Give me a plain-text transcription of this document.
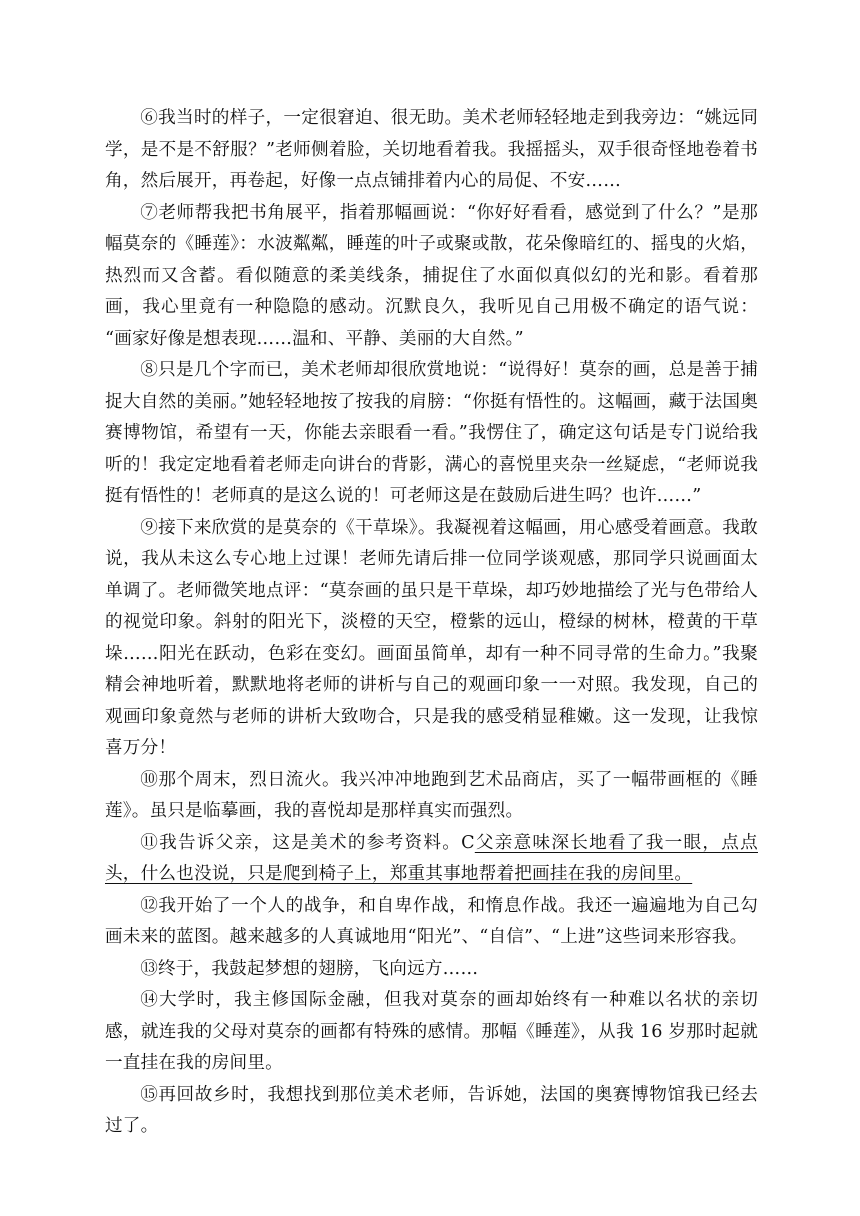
⑥我当时的样子，一定很窘迫、很无助。美术老师轻轻地走到我旁边：“姚远同学，是不是不舒服？”老师侧着脸，关切地看着我。我摇摇头，双手很奇怪地卷着书角，然后展开，再卷起，好像一点点铺排着内心的局促、不安……

⑦老师帮我把书角展平，指着那幅画说：“你好好看看，感觉到了什么？”是那幅莫奈的《睡莲》：水波粼粼，睡莲的叶子或聚或散，花朵像暗红的、摇曳的火焰，热烈而又含蓄。看似随意的柔美线条，捕捉住了水面似真似幻的光和影。看着那画，我心里竟有一种隐隐的感动。沉默良久，我听见自己用极不确定的语气说： “画家好像是想表现……温和、平静、美丽的大自然。”

⑧只是几个字而已，美术老师却很欣赏地说：“说得好！莫奈的画，总是善于捕捉大自然的美丽。”她轻轻地按了按我的肩膀：“你挺有悟性的。这幅画，藏于法国奥赛博物馆，希望有一天，你能去亲眼看一看。”我愣住了，确定这句话是专门说给我听的！我定定地看着老师走向讲台的背影，满心的喜悦里夹杂一丝疑虑，“老师说我挺有悟性的！老师真的是这么说的！可老师这是在鼓励后进生吗？也许……”

⑨接下来欣赏的是莫奈的《干草垛》。我凝视着这幅画，用心感受着画意。我敢说，我从未这么专心地上过课！老师先请后排一位同学谈观感，那同学只说画面太单调了。老师微笑地点评：“莫奈画的虽只是干草垛，却巧妙地描绘了光与色带给人的视觉印象。斜射的阳光下，淡橙的天空，橙紫的远山，橙绿的树林，橙黄的干草垛……阳光在跃动，色彩在变幻。画面虽简单，却有一种不同寻常的生命力。”我聚精会神地听着，默默地将老师的讲析与自己的观画印象一一对照。我发现，自己的观画印象竟然与老师的讲析大致吻合，只是我的感受稍显稚嫩。这一发现，让我惊喜万分！

⑩那个周末，烈日流火。我兴冲冲地跑到艺术品商店，买了一幅带画框的《睡莲》。虽只是临摹画，我的喜悦却是那样真实而强烈。

⑪我告诉父亲，这是美术的参考资料。C父亲意味深长地看了我一眼，点点头，什么也没说，只是爬到椅子上，郑重其事地帮着把画挂在我的房间里。

⑫我开始了一个人的战争，和自卑作战，和惰息作战。我还一遍遍地为自己勾画未来的蓝图。越来越多的人真诚地用“阳光”、“自信”、“上进”这些词来形容我。

⑬终于，我鼓起梦想的翅膀，飞向远方……

⑭大学时，我主修国际金融，但我对莫奈的画却始终有一种难以名状的亲切感，就连我的父母对莫奈的画都有特殊的感情。那幅《睡莲》，从我 16 岁那时起就一直挂在我的房间里。

⑮再回故乡时，我想找到那位美术老师，告诉她，法国的奥赛博物馆我已经去过了。
